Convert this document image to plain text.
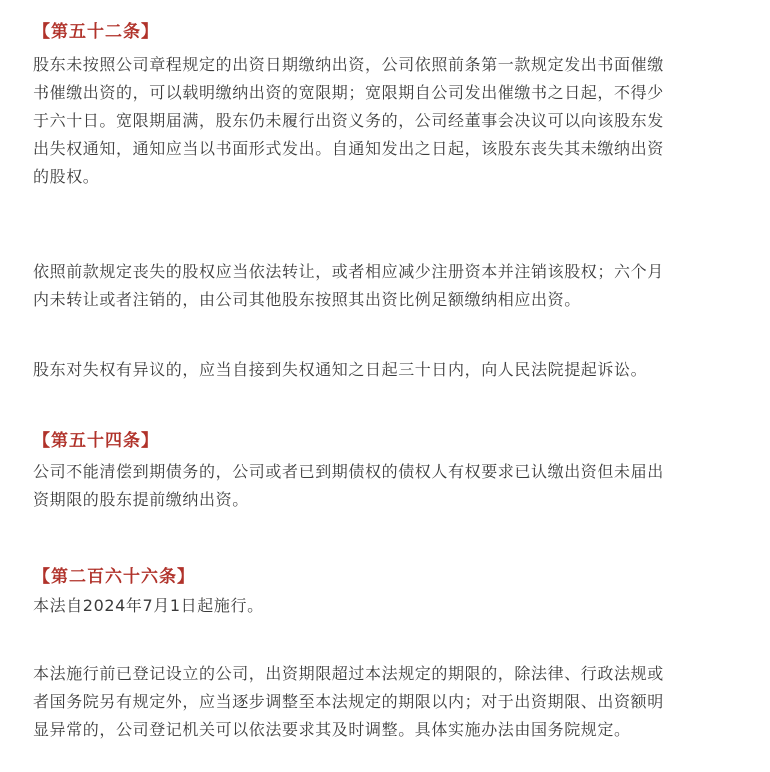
【第五十二条】
股东未按照公司章程规定的出资日期缴纳出资，公司依照前条第一款规定发出书面催缴
书催缴出资的，可以载明缴纳出资的宽限期；宽限期自公司发出催缴书之日起，不得少
于六十日。宽限期届满，股东仍未履行出资义务的，公司经董事会决议可以向该股东发
出失权通知，通知应当以书面形式发出。自通知发出之日起，该股东丧失其未缴纳出资
的股权。
依照前款规定丧失的股权应当依法转让，或者相应减少注册资本并注销该股权；六个月
内未转让或者注销的，由公司其他股东按照其出资比例足额缴纳相应出资。
股东对失权有异议的，应当自接到失权通知之日起三十日内，向人民法院提起诉讼。
【第五十四条】
公司不能清偿到期债务的，公司或者已到期债权的债权人有权要求已认缴出资但未届出
资期限的股东提前缴纳出资。
【第二百六十六条】
本法自2024年7月1日起施行。
本法施行前已登记设立的公司，出资期限超过本法规定的期限的，除法律、行政法规或
者国务院另有规定外，应当逐步调整至本法规定的期限以内；对于出资期限、出资额明
显异常的，公司登记机关可以依法要求其及时调整。具体实施办法由国务院规定。
